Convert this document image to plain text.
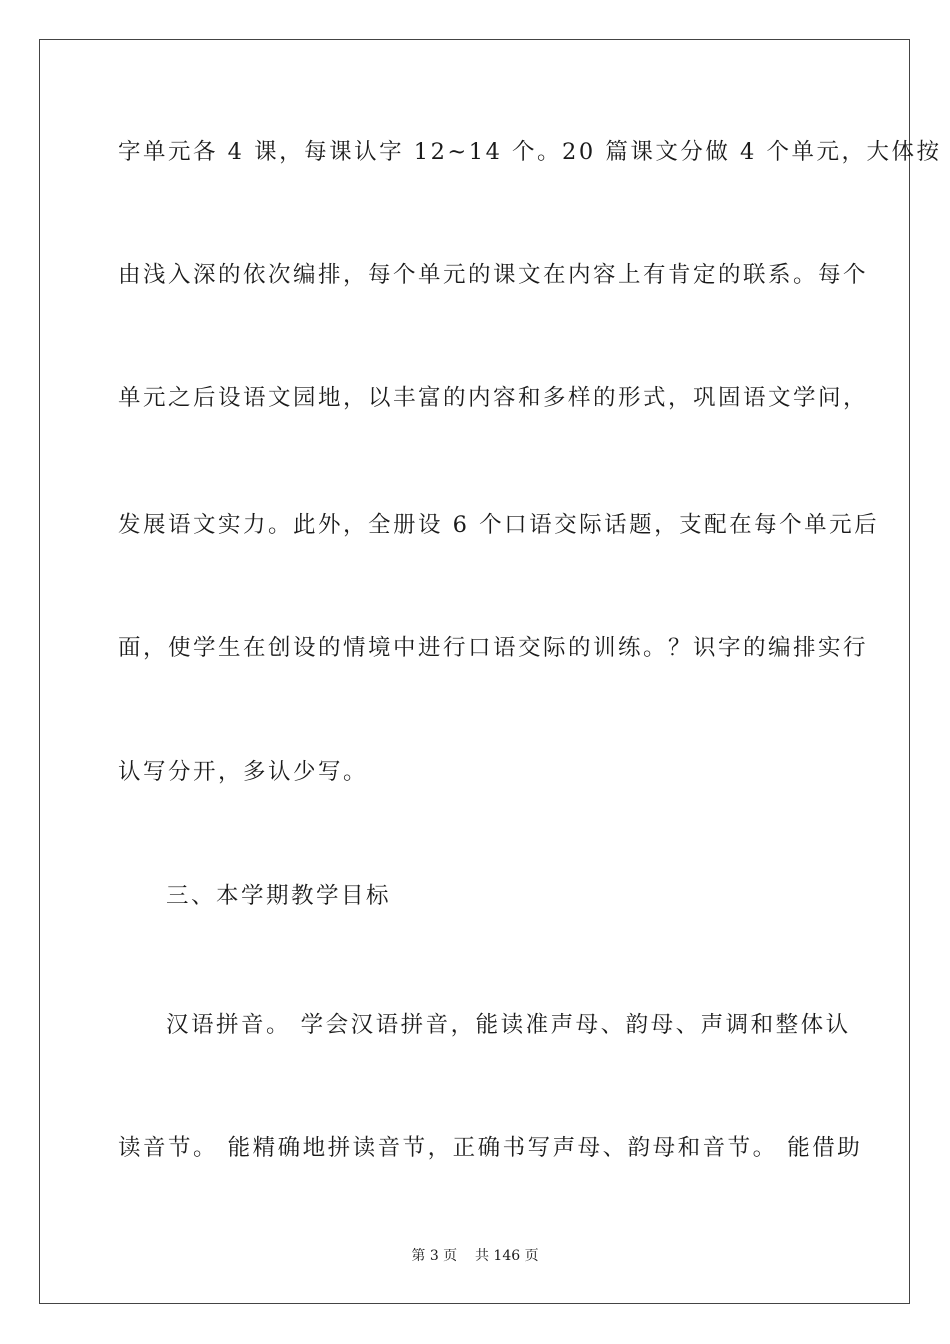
字单元各 4 课，每课认字 12~14 个。20 篇课文分做 4 个单元，大体按
由浅入深的依次编排，每个单元的课文在内容上有肯定的联系。每个
单元之后设语文园地，以丰富的内容和多样的形式，巩固语文学问，
发展语文实力。此外，全册设 6 个口语交际话题，支配在每个单元后
面，使学生在创设的情境中进行口语交际的训练。？识字的编排实行
认写分开，多认少写。
三、本学期教学目标
汉语拼音。 学会汉语拼音，能读准声母、韵母、声调和整体认
读音节。 能精确地拼读音节，正确书写声母、韵母和音节。 能借助
第 3 页    共 146 页
